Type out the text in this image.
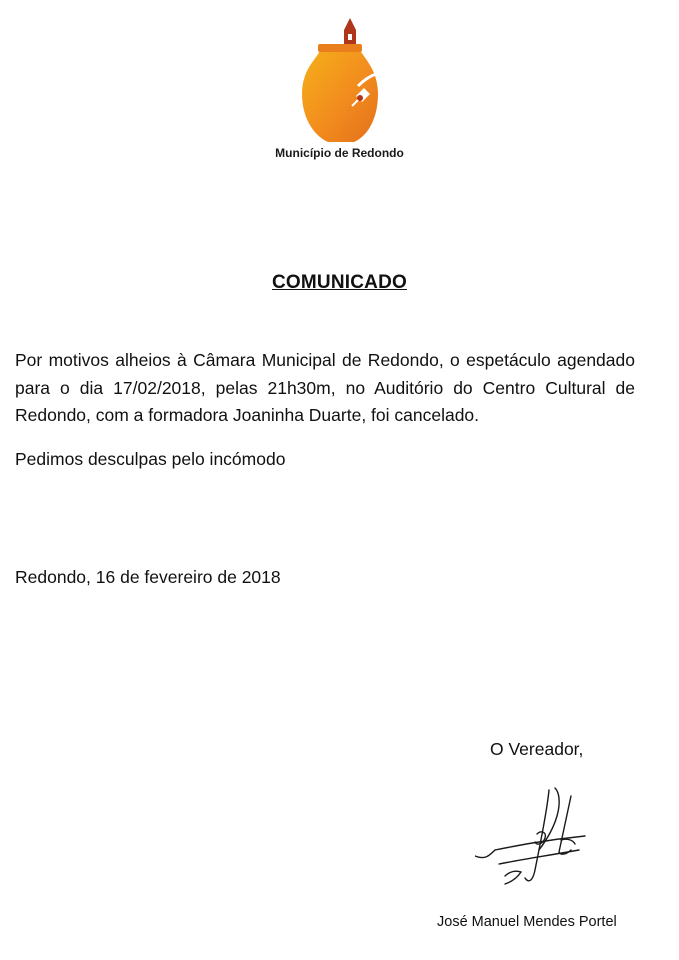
Município de Redondo
COMUNICADO

Por motivos alheios à Câmara Municipal de Redondo, o espetáculo agendado para o dia 17/02/2018, pelas 21h30m, no Auditório do Centro Cultural de Redondo, com a formadora Joaninha Duarte, foi cancelado.

Pedimos desculpas pelo incómodo

Redondo, 16 de fevereiro de 2018

O Vereador,

José Manuel Mendes Portel
